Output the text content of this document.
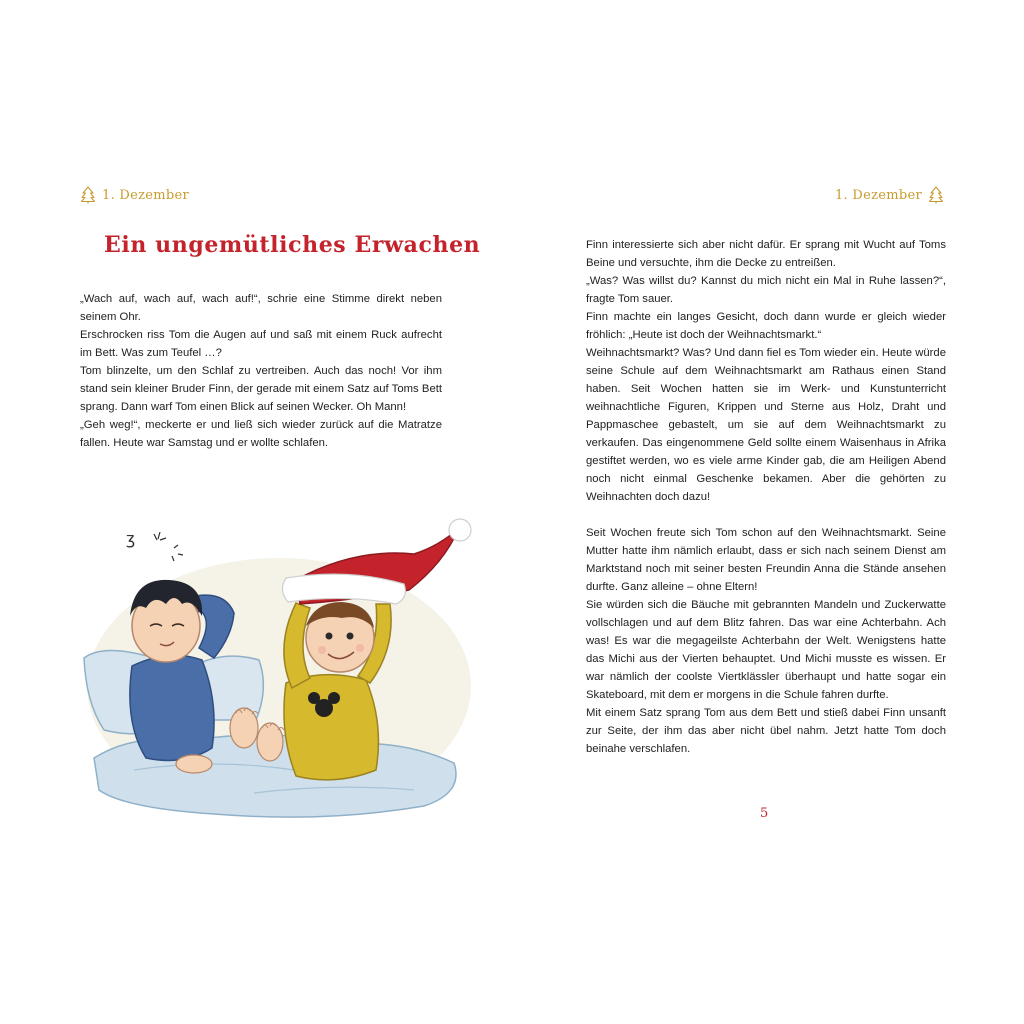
1. Dezember
Ein ungemütliches Erwachen

„Wach auf, wach auf, wach auf!“, schrie eine Stimme direkt neben seinem Ohr.

Erschrocken riss Tom die Augen auf und saß mit einem Ruck aufrecht im Bett. Was zum Teufel …?

Tom blinzelte, um den Schlaf zu vertreiben. Auch das noch! Vor ihm stand sein kleiner Bruder Finn, der gerade mit einem Satz auf Toms Bett sprang. Dann warf Tom einen Blick auf seinen Wecker. Oh Mann!

„Geh weg!“, meckerte er und ließ sich wieder zurück auf die Matratze fallen. Heute war Samstag und er wollte schlafen.

ʒ
1. Dezember

Finn interessierte sich aber nicht dafür. Er sprang mit Wucht auf Toms Beine und versuchte, ihm die Decke zu entreißen.

„Was? Was willst du? Kannst du mich nicht ein Mal in Ruhe lassen?“, fragte Tom sauer.

Finn machte ein langes Gesicht, doch dann wurde er gleich wieder fröhlich: „Heute ist doch der Weihnachtsmarkt.“

Weihnachtsmarkt? Was? Und dann fiel es Tom wieder ein. Heute würde seine Schule auf dem Weihnachtsmarkt am Rathaus einen Stand haben. Seit Wochen hatten sie im Werk- und Kunstunterricht weihnachtliche Figuren, Krippen und Sterne aus Holz, Draht und Pappmaschee gebastelt, um sie auf dem Weihnachtsmarkt zu verkaufen. Das eingenommene Geld sollte einem Waisenhaus in Afrika gestiftet werden, wo es viele arme Kinder gab, die am Heiligen Abend noch nicht einmal Geschenke bekamen. Aber die gehörten zu Weihnachten doch dazu!

Seit Wochen freute sich Tom schon auf den Weihnachtsmarkt. Seine Mutter hatte ihm nämlich erlaubt, dass er sich nach seinem Dienst am Marktstand noch mit seiner besten Freundin Anna die Stände ansehen durfte. Ganz alleine – ohne Eltern!

Sie würden sich die Bäuche mit gebrannten Mandeln und Zuckerwatte vollschlagen und auf dem Blitz fahren. Das war eine Achterbahn. Ach was! Es war die megageilste Achterbahn der Welt. Wenigstens hatte das Michi aus der Vierten behauptet. Und Michi musste es wissen. Er war nämlich der coolste Viertklässler überhaupt und hatte sogar ein Skateboard, mit dem er morgens in die Schule fahren durfte.

Mit einem Satz sprang Tom aus dem Bett und stieß dabei Finn unsanft zur Seite, der ihm das aber nicht übel nahm. Jetzt hatte Tom doch beinahe verschlafen.

5
